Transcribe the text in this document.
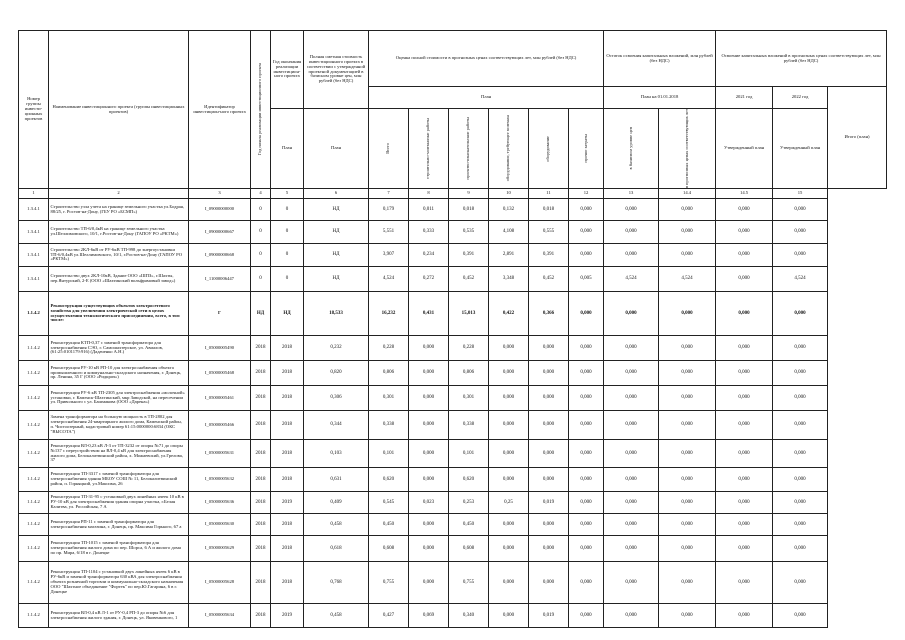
Номер группы инвести-ционных проектов	Наименование инвестиционного проекта (группы инвестиционных проектов)	Идентификатор инвестицион-ного проекта	Год начала реализации инвестиционного проекта	Год окончания реализации инвестицион-ного проекта	Полная сметная стоимость инвестиционного проекта в соответствии с утвержденной проектной документацией в базисном уровне цен, млн рублей (без НДС)	Оценка полной стоимости в прогнозных ценах соответствующих лет, млн рублей (без НДС)						Остаток освоения капитальных вложений, млн рублей (без НДС)		Освоение капитальных вложений в прогнозных ценах соответствующих лет, млн рублей (без НДС)		
						План						План на 01.01.2018		2021 год	2022 год	Итого (план)
				План	План	Всего	строительно-монтажные работы	проектно-изыскательские работы	оборудование, требующее монтажа	оборудование	прочие затраты	в базисном уровне цен	в прогнозных ценах соответствующих лет	Утвержденный план	Утвержденный план	
1	2	3	4	5	6	7	8	9	10	11	12	13	14.4	14.5	15	
1.3.4.1	Строительство узла учета на границе земельного участка ул.Бодрая, 88/25, г. Ростов-на-Дону, (ГБУ РО «БСМП»)	I_09000000000	0	0	НД	0,179	0,011	0,018	0,132	0,018	0,000	0,000	0,000	0,000	0,000	
1.3.4.1	Строительство ТП-6/0,4кВ на границе земельного участка ул.Шеллимовского, 10/1, г.Ростов-на-Дону (ГАПОУ РО «РКТМ»)	I_09000000667	0	0	НД	5,551	0,333	0,535	4,108	0,555	0,000	0,000	0,000	0,000	0,000	
1.3.4.1	Строительство 2КЛ-6кВ от РУ-6кВ ТП-998 до энергоустановки ТП-6/0,4кВ ул.Шеллимовского, 10/1, г.Ростов-на-Дону (ГАПОУ РО «РКТМ»)	I_09000000668	0	0	НД	3,907	0,234	0,391	2,891	0,391	0,000	0,000	0,000	0,000	0,000	
1.3.4.1	Строительство двух 2КЛ-10кВ, Здание ООО «ШПЗ», г.Шахты, пер.Янтурский, 2-Е (ООО «Шахтинский вольфрамовый завод»)	I_11000006447	0	0	НД	4,524	0,272	0,452	3,348	0,452	0,005	4,524	4,524	0,000	4,524	
1.1.4.2	Реконструкция существующих объектов электросетевого хозяйства для увеличения электрической сети в целях осуществления технологического присоединения, всего, в том числе:	Г	НД	НД	18,533	16,232	0,431	15,013	0,422	0,366	0,000	0,000	0,000	0,000	0,000	
1.1.4.2	Реконструкция КТП-0,37 с заменой трансформатора для электроснабжения СЭО, г. Самошахтерское, ул. Авиалов, (61:25:0101179:916) (Дадаченко А.Н.)	I_05000005490	2018	2018	0,232	0,228	0,000	0,228	0,000	0,000	0,000	0,000	0,000	0,000	0,000	
1.1.4.2	Реконструкция РУ-10 кВ РП-10 для электроснабжения объекта промышленного и коммунально-складского назначения, г. Донецк, пр. Ленина, 35 Г (ООО «Ридкрач»)	I_05000005468	2018	2018	0,820	0,806	0,000	0,806	0,000	0,000	0,000	0,000	0,000	0,000	0,000	
1.1.4.2	Реконструкция РУ-6 кВ ТП-2305 для электроснабжения «молочной» установки, г. Каменск-Шахтинский, мкр Заводской, на пересечении ул. Привольного с ул. Башмакова (ООО «Дарена»)	I_05000005461	2018	2018	0,306	0,301	0,000	0,301	0,000	0,000	0,000	0,000	0,000	0,000	0,000	
1.1.4.2	Замена трансформатора на большую мощность в ТП-2802 для электроснабжения 24-квартирного жилого дома, Каменский район, п. Чистоозерный, кадастровый номер 61:15:0000000:6834 (ОКС "ВЫСОТА")	I_05000005466	2018	2018	0,344	0,338	0,000	0,338	0,000	0,000	0,000	0,000	0,000	0,000	0,000	
1.1.4.2	Реконструкция ВЛ-0,23 кВ Л-3 от ТП-3232 от опоры №71 до опоры №137 с переустройством на ВЛ-0,4 кВ для электроснабжения жилого дома, Белокалитвинский район, х. Можаевский, ул.Грелова, 37	I_05000005631	2018	2018	0,103	0,101	0,000	0,101	0,000	0,000	0,000	0,000	0,000	0,000	0,000	
1.1.4.2	Реконструкция ТП-3317 с заменой трансформатора для электроснабжения здания МБОУ СОШ № 11, Белокалитвинский район, п. Горняцкий, ул.Максима, 26	I_05000005632	2018	2018	0,631	0,620	0,000	0,620	0,000	0,000	0,000	0,000	0,000	0,000	0,000	
1.1.4.2	Реконструкция ТП-31-95 с установкой двух линейных ячеек 10 кВ в РУ-10 кВ для электроснабжения здания опорна участка, г.Белая Калитва, ул. Российская, 7 А	I_05000005636	2018	2019	0,409	0,545	0,023	0,253	0,25	0,019	0,000	0,000	0,000	0,000	0,000	
1.1.4.2	Реконструкция РП-11 с заменой трансформатора для электроснабжения магазина, г. Донецк, пр. Максима Горького, 67 а	I_05000005630	2018	2018	0,458	0,450	0,000	0,450	0,000	0,000	0,000	0,000	0,000	0,000	0,000	
1.1.4.2	Реконструкция ТП-1015 с заменой трансформатора для электроснабжения жилого дома по пер. Шорса, 6 А и жилого дома по пр. Мира, 6/18 в г. Донецке	I_05000005629	2018	2018	0,618	0,608	0,000	0,608	0,000	0,000	0,000	0,000	0,000	0,000	0,000	
1.1.4.2	Реконструкция ТП-1104 с установкой двух линейных ячеек 6 кВ в РУ-6кВ и заменой трансформатора 630 кВА для электроснабжения объекта розничной торговли и коммунально-складского назначения ООО "Шахтное объединение "Фортек" по пер.Ю.Гагарина, 6 в г. Донецке	I_05000005628	2018	2018	0,768	0,755	0,000	0,755	0,000	0,000	0,000	0,000	0,000	0,000	0,000	
1.1.4.2	Реконструкция ВЛ-0,4 кВ Л-1 от РУ-0,4 РП-3 до опоры №6 для электроснабжения жилого здания, г. Донецк, ул. Яковенкового, 1	I_05000005634	2018	2019	0,458	0,427	0,069	0,340	0,000	0,019	0,000	0,000	0,000	0,000	0,000	
